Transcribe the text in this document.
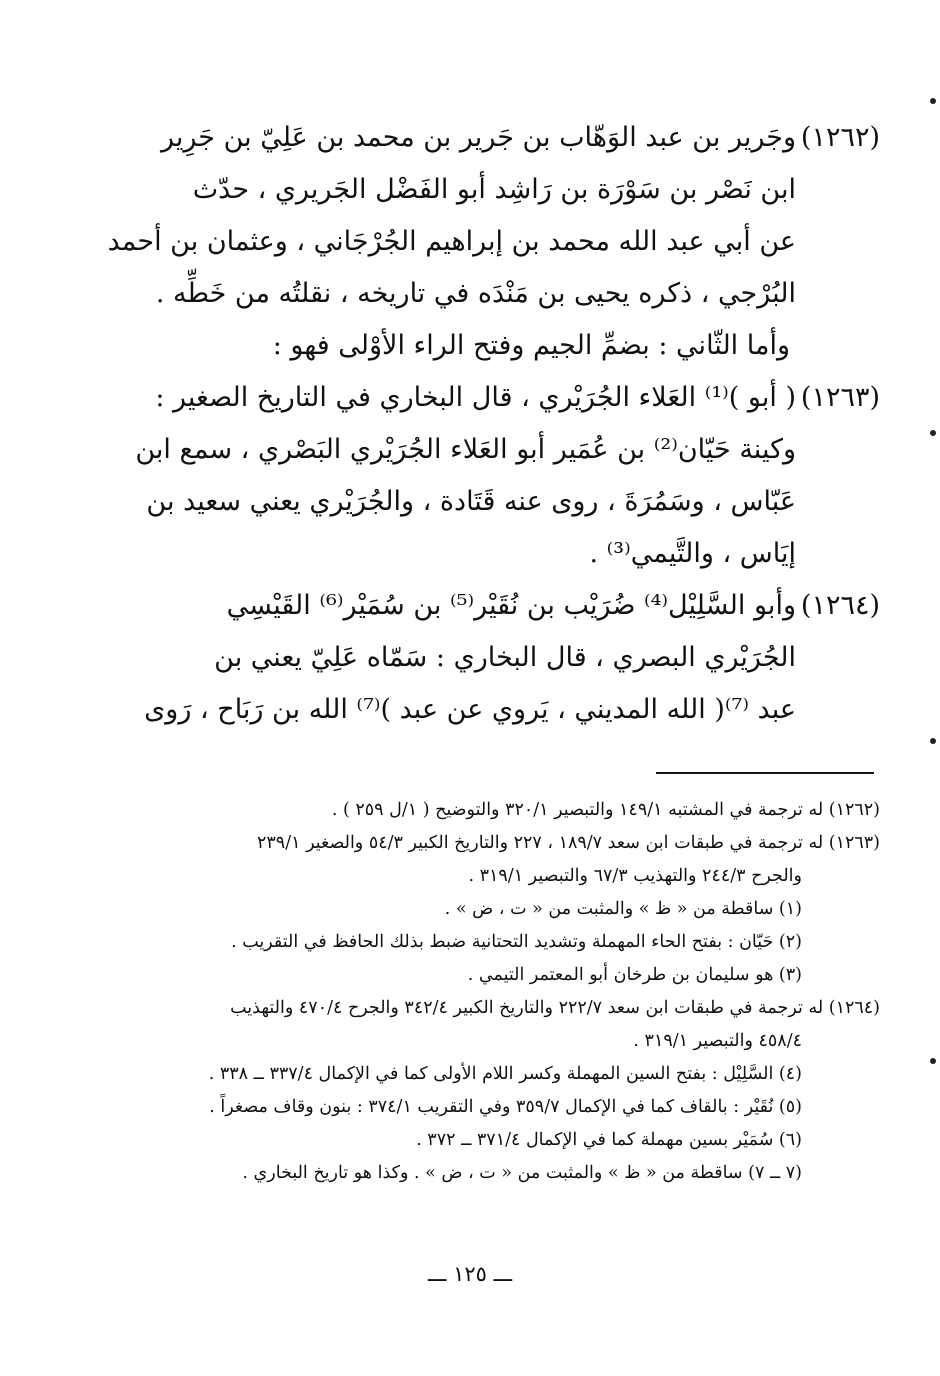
(١٢٦٢)
وجَرير بن عبد الوَهّاب بن جَرير بن محمد بن عَلِيّ بن جَرِير
ابن نَصْر بن سَوْرَة بن رَاشِد أبو الفَضْل الجَريري ، حدّث
عن أبي عبد الله محمد بن إبراهيم الجُرْجَاني ، وعثمان بن أحمد
البُرْجي ، ذكره يحيى بن مَنْدَه في تاريخه ، نقلتُه من خَطِّه .
وأما الثّاني : بضمِّ الجيم وفتح الراء الأوْلى فهو :
(١٢٦٣)
( أبو )⁽¹⁾ العَلاء الجُرَيْري ، قال البخاري في التاريخ الصغير :
وكينة حَيّان⁽²⁾ بن عُمَير أبو العَلاء الجُرَيْري البَصْري ، سمع ابن
عَبّاس ، وسَمُرَةَ ، روى عنه قَتَادة ، والجُرَيْري يعني سعيد بن
إيَاس ، والتَّيمي⁽³⁾ .
(١٢٦٤)
وأبو السَّلِيْل⁽⁴⁾ ضُرَيْب بن نُقَيْر⁽⁵⁾ بن سُمَيْر⁽⁶⁾ القَيْسِي
الجُرَيْري البصري ، قال البخاري : سَمّاه عَلِيّ يعني بن
عبد ⁽⁷⁾( الله المديني ، يَروي عن عبد )⁽⁷⁾ الله بن رَبَاح ، رَوى
(١٢٦٢) له ترجمة في المشتبه ١٤٩/١ والتبصير ٣٢٠/١ والتوضيح ( ١/ل ٢٥٩ ) .
(١٢٦٣) له ترجمة في طبقات ابن سعد ١٨٩/٧ ، ٢٢٧ والتاريخ الكبير ٥٤/٣ والصغير ٢٣٩/١
والجرح ٢٤٤/٣ والتهذيب ٦٧/٣ والتبصير ٣١٩/١ .
(١) ساقطة من « ظ » والمثبت من « ت ، ض » .
(٢) حَيّان : بفتح الحاء المهملة وتشديد التحتانية ضبط بذلك الحافظ في التقريب .
(٣) هو سليمان بن طرخان أبو المعتمر التيمي .
(١٢٦٤) له ترجمة في طبقات ابن سعد ٢٢٢/٧ والتاريخ الكبير ٣٤٢/٤ والجرح ٤٧٠/٤ والتهذيب
٤٥٨/٤ والتبصير ٣١٩/١ .
(٤) السَّلِيْل : بفتح السين المهملة وكسر اللام الأولى كما في الإكمال ٣٣٧/٤ ــ ٣٣٨ .
(٥) نُقَيْر : بالقاف كما في الإكمال ٣٥٩/٧ وفي التقريب ٣٧٤/١ : بنون وقاف مصغراً .
(٦) سُمَيْر بسين مهملة كما في الإكمال ٣٧١/٤ ــ ٣٧٢ .
(٧ ــ ٧) ساقطة من « ظ » والمثبت من « ت ، ض » . وكذا هو تاريخ البخاري .
ـــ ١٢٥ ـــ
